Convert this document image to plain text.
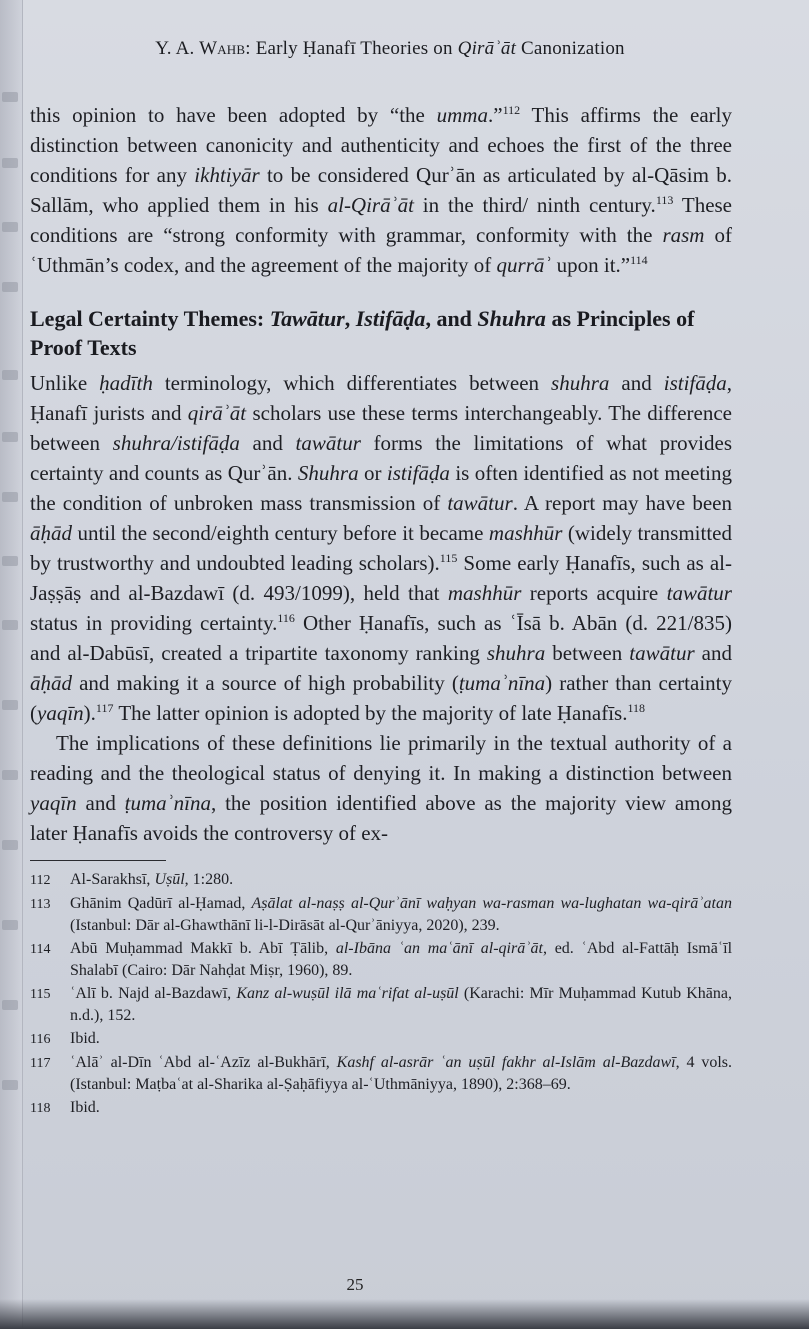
Y. A. Wahb: Early Ḥanafī Theories on Qirāʾāt Canonization

this opinion to have been adopted by “the umma.”$^{112}$ This affirms the early distinction between canonicity and authenticity and echoes the first of the three conditions for any ikhtiyār to be considered Qurʾān as articulated by al-Qāsim b. Sallām, who applied them in his al-Qirāʾāt in the third/ ninth century.$^{113}$ These conditions are “strong conformity with grammar, conformity with the rasm of ʿUthmān’s codex, and the agreement of the majority of qurrāʾ upon it.”$^{114}$

Legal Certainty Themes: Tawātur, Istifāḍa, and Shuhra as Principles of Proof Texts

Unlike ḥadīth terminology, which differentiates between shuhra and istifāḍa, Ḥanafī jurists and qirāʾāt scholars use these terms interchangeably. The difference between shuhra/istifāḍa and tawātur forms the limitations of what provides certainty and counts as Qurʾān. Shuhra or istifāḍa is often identified as not meeting the condition of unbroken mass transmission of tawātur. A report may have been āḥād until the second/eighth century before it became mashhūr (widely transmitted by trustworthy and undoubted leading scholars).$^{115}$ Some early Ḥanafīs, such as al-Jaṣṣāṣ and al-Bazdawī (d. 493/1099), held that mashhūr reports acquire tawātur status in providing certainty.$^{116}$ Other Ḥanafīs, such as ʿĪsā b. Abān (d. 221/835) and al-Dabūsī, created a tripartite taxonomy ranking shuhra between tawātur and āḥād and making it a source of high probability (ṭumaʾnīna) rather than certainty (yaqīn).$^{117}$ The latter opinion is adopted by the majority of late Ḥanafīs.$^{118}$

The implications of these definitions lie primarily in the textual authority of a reading and the theological status of denying it. In making a distinction between yaqīn and ṭumaʾnīna, the position identified above as the majority view among later Ḥanafīs avoids the controversy of ex-

112	Al-Sarakhsī, Uṣūl, 1:280.
113	Ghānim Qadūrī al-Ḥamad, Aṣālat al-naṣṣ al-Qurʾānī waḥyan wa-rasman wa-lughatan wa-qirāʾatan (Istanbul: Dār al-Ghawthānī li-l-Dirāsāt al-Qurʾāniyya, 2020), 239.
114	Abū Muḥammad Makkī b. Abī Ṭālib, al-Ibāna ʿan maʿānī al-qirāʾāt, ed. ʿAbd al-Fattāḥ Ismāʿīl Shalabī (Cairo: Dār Nahḍat Miṣr, 1960), 89.
115	ʿAlī b. Najd al-Bazdawī, Kanz al-wuṣūl ilā maʿrifat al-uṣūl (Karachi: Mīr Muḥammad Kutub Khāna, n.d.), 152.
116	Ibid.
117	ʿAlāʾ al-Dīn ʿAbd al-ʿAzīz al-Bukhārī, Kashf al-asrār ʿan uṣūl fakhr al-Islām al-Bazdawī, 4 vols. (Istanbul: Maṭbaʿat al-Sharika al-Ṣaḥāfiyya al-ʿUthmāniyya, 1890), 2:368–69.
118	Ibid.
25
